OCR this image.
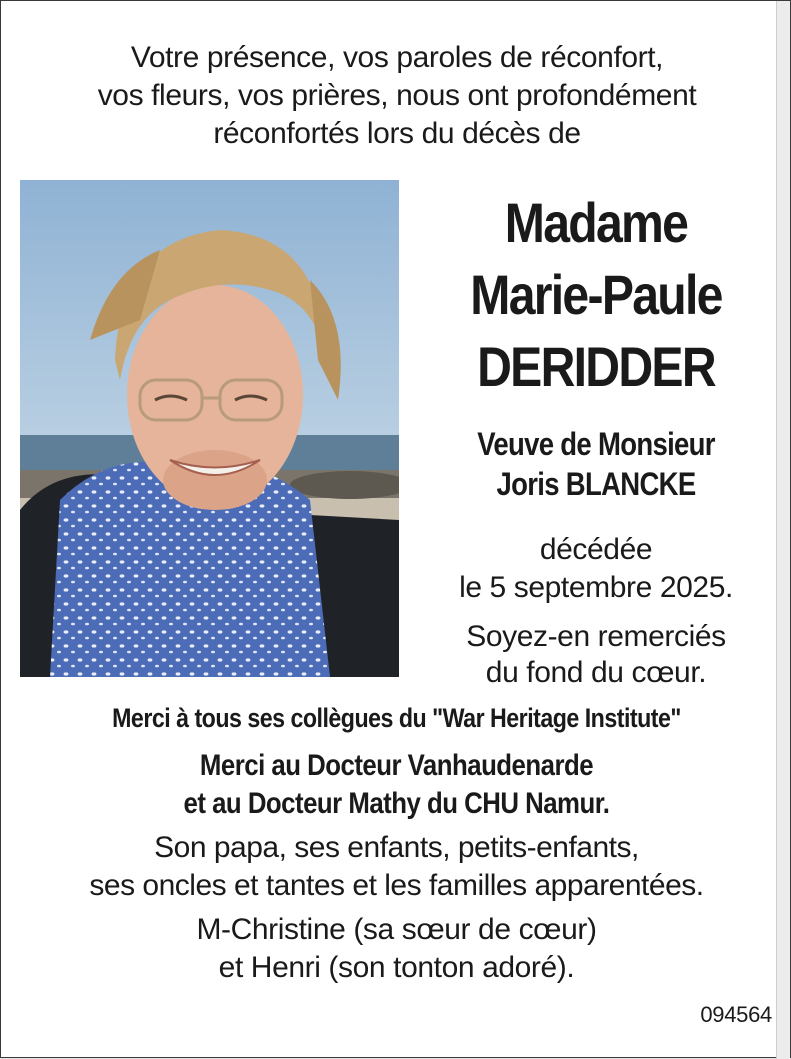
Votre présence, vos paroles de réconfort,
vos fleurs, vos prières, nous ont profondément
réconfortés lors du décès de
Madame
Marie-Paule
DERIDDER
Veuve de Monsieur
Joris BLANCKE
décédée
le 5 septembre 2025.
Soyez-en remerciés
du fond du cœur.
Merci à tous ses collègues du "War Heritage Institute"
Merci au Docteur Vanhaudenarde
et au Docteur Mathy du CHU Namur.
Son papa, ses enfants, petits-enfants,
ses oncles et tantes et les familles apparentées.
M-Christine (sa sœur de cœur)
et Henri (son tonton adoré).
094564
